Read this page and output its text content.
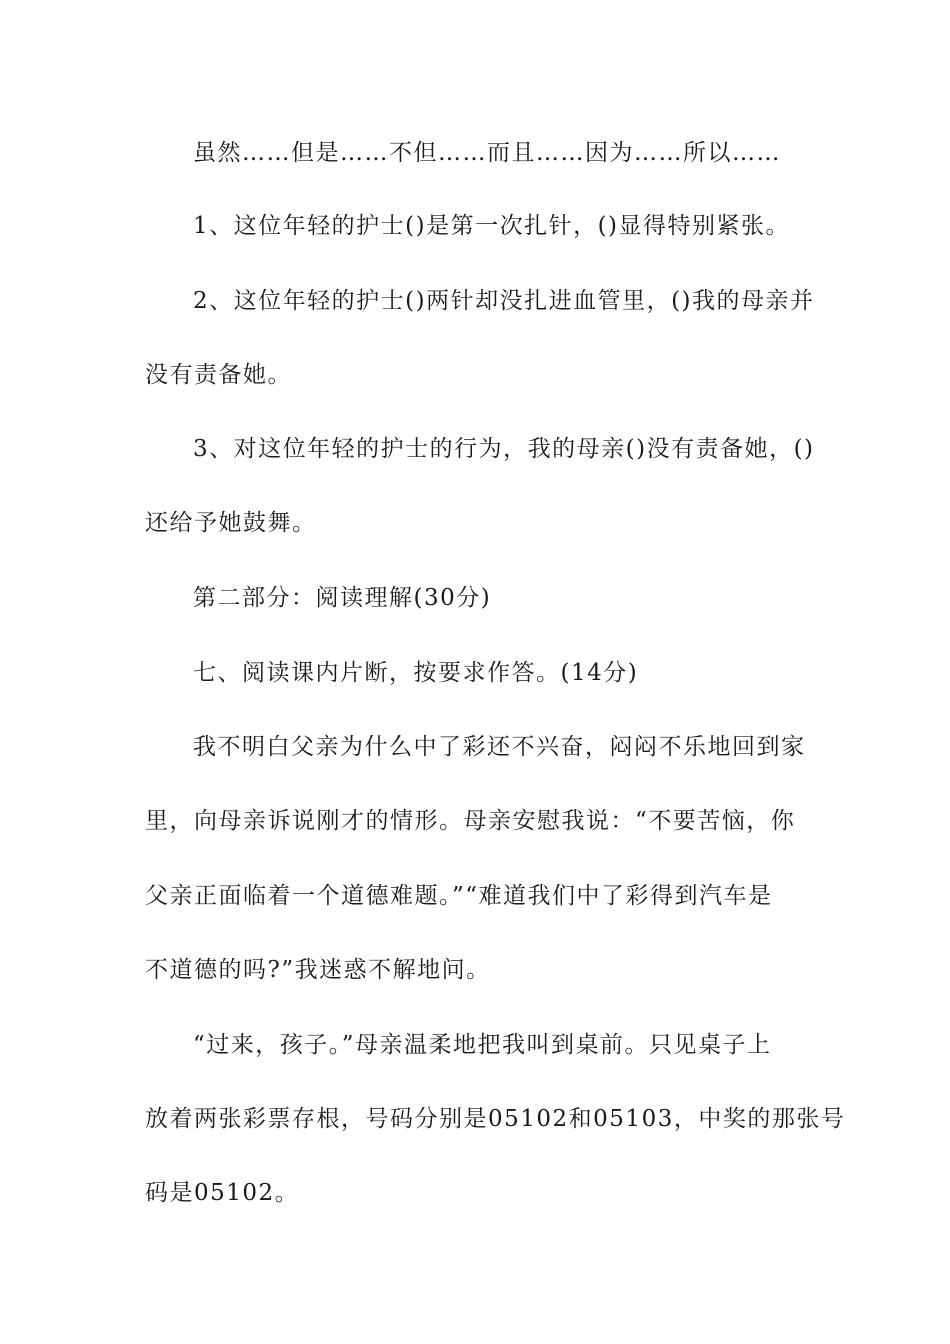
虽然……但是……不但……而且……因为……所以……
1、这位年轻的护士()是第一次扎针，()显得特别紧张。
2、这位年轻的护士()两针却没扎进血管里，()我的母亲并
没有责备她。
3、对这位年轻的护士的行为，我的母亲()没有责备她，()
还给予她鼓舞。
第二部分：阅读理解(30分)
七、阅读课内片断，按要求作答。(14分)
我不明白父亲为什么中了彩还不兴奋，闷闷不乐地回到家
里，向母亲诉说刚才的情形。母亲安慰我说：“不要苦恼，你
父亲正面临着一个道德难题。”“难道我们中了彩得到汽车是
不道德的吗?”我迷惑不解地问。
“过来，孩子。”母亲温柔地把我叫到桌前。只见桌子上
放着两张彩票存根，号码分别是05102和05103，中奖的那张号
码是05102。
